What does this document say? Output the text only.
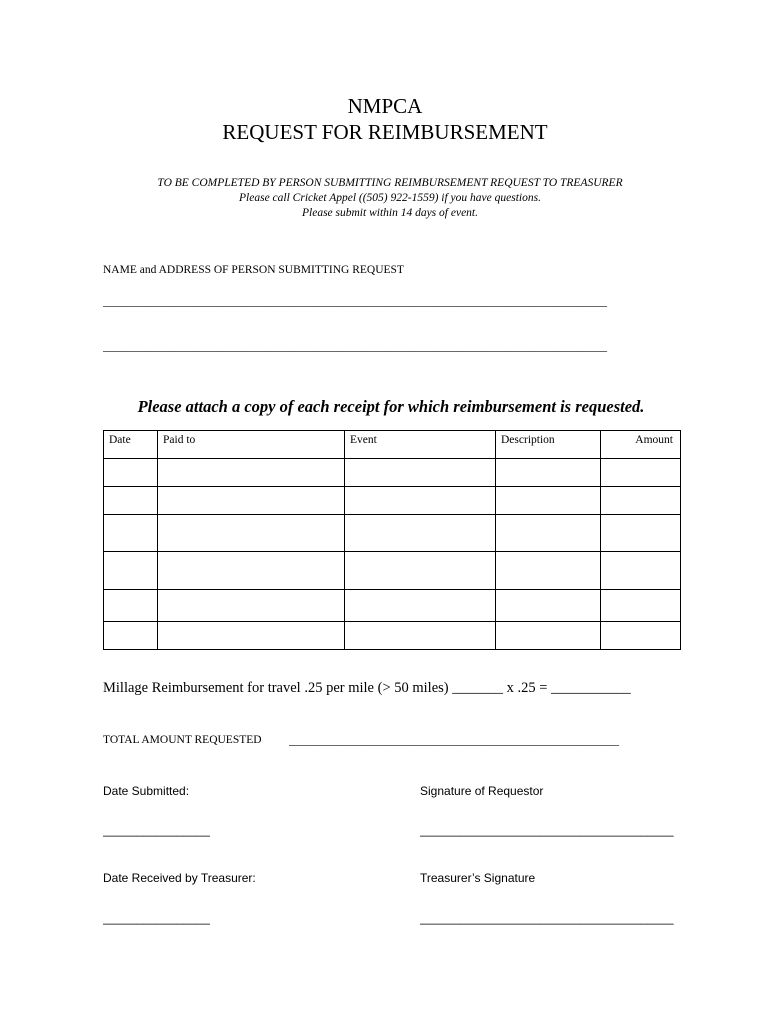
NMPCA
REQUEST FOR REIMBURSEMENT
TO BE COMPLETED BY PERSON SUBMITTING REIMBURSEMENT REQUEST TO TREASURER
Please call Cricket Appel ((505) 922-1559) if you have questions.
Please submit within 14 days of event.
NAME and ADDRESS OF PERSON SUBMITTING REQUEST
____________________________________________________________________________________
____________________________________________________________________________________
Please attach a copy of each receipt for which reimbursement is requested.
Date	Paid to	Event	Description	Amount

Millage Reimbursement for travel .25 per mile (> 50 miles) _______ x .25 = ___________
TOTAL AMOUNT REQUESTED _______________________________________________________
Date Submitted:	Signature of Requestor
________________	______________________________________
Date Received by Treasurer:	Treasurer’s Signature
________________	______________________________________
